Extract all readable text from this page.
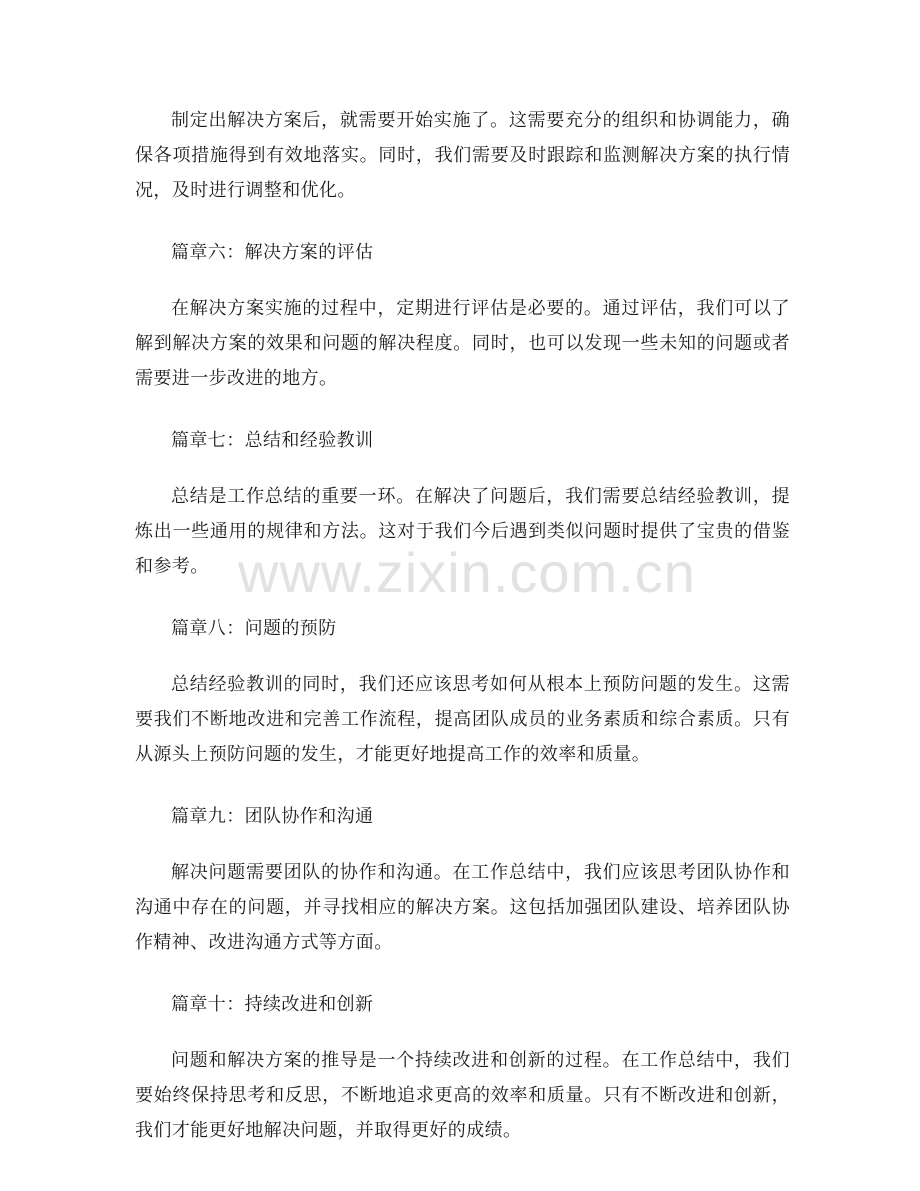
制定出解决方案后，就需要开始实施了。这需要充分的组织和协调能力，确保各项措施得到有效地落实。同时，我们需要及时跟踪和监测解决方案的执行情况，及时进行调整和优化。

篇章六：解决方案的评估

在解决方案实施的过程中，定期进行评估是必要的。通过评估，我们可以了解到解决方案的效果和问题的解决程度。同时，也可以发现一些未知的问题或者需要进一步改进的地方。

篇章七：总结和经验教训

总结是工作总结的重要一环。在解决了问题后，我们需要总结经验教训，提炼出一些通用的规律和方法。这对于我们今后遇到类似问题时提供了宝贵的借鉴和参考。

篇章八：问题的预防

总结经验教训的同时，我们还应该思考如何从根本上预防问题的发生。这需要我们不断地改进和完善工作流程，提高团队成员的业务素质和综合素质。只有从源头上预防问题的发生，才能更好地提高工作的效率和质量。

篇章九：团队协作和沟通

解决问题需要团队的协作和沟通。在工作总结中，我们应该思考团队协作和沟通中存在的问题，并寻找相应的解决方案。这包括加强团队建设、培养团队协作精神、改进沟通方式等方面。

篇章十：持续改进和创新

问题和解决方案的推导是一个持续改进和创新的过程。在工作总结中，我们要始终保持思考和反思，不断地追求更高的效率和质量。只有不断改进和创新，我们才能更好地解决问题，并取得更好的成绩。

www.zixin.com.cn
